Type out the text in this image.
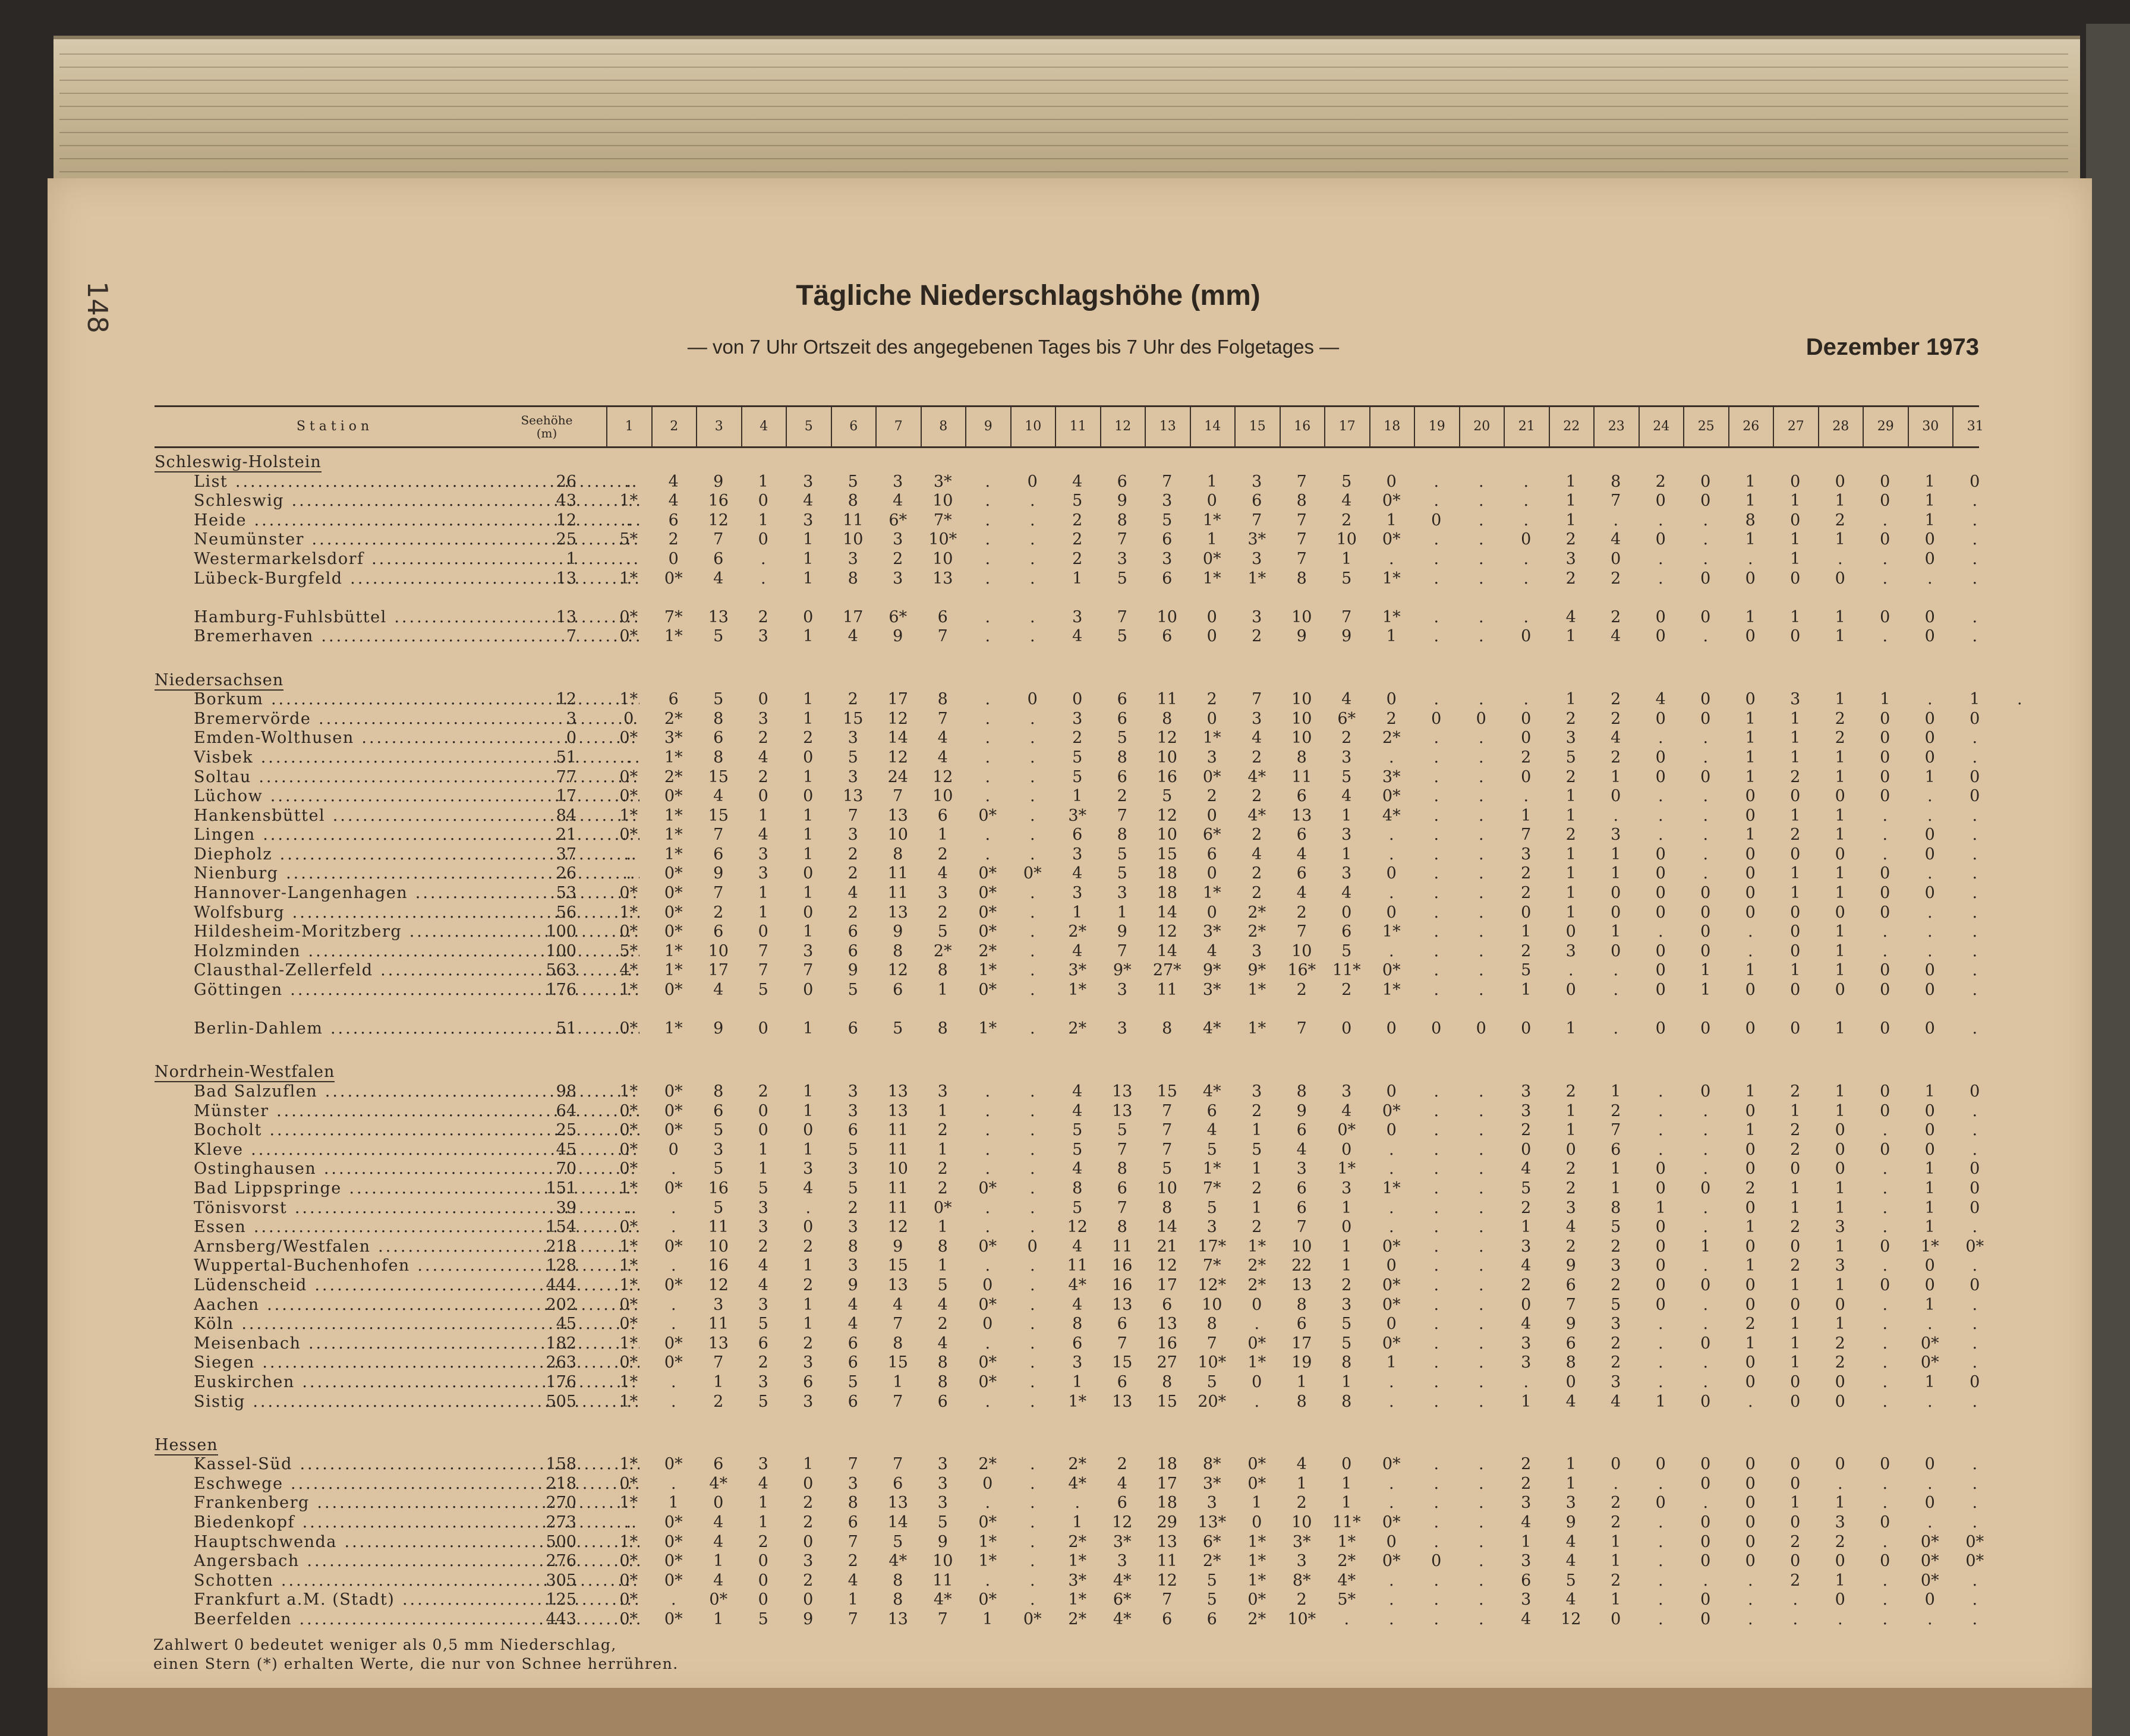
148	Tägliche Niederschlagshöhe (mm)
— von 7 Uhr Ortszeit des angegebenen Tages bis 7 Uhr des Folgetages —	Dezember 1973
S t a t i o n	Seehöhe (m)	1	2	3	4	5	6	7	8	9	10	11	12	13	14	15	16	17	18	19	20	21	22	23	24	25	26	27	28	29	30	31
Schleswig-Holstein
List .....	26	.	4	9	1	3	5	3	3*	.	0	4	6	7	1	3	7	5	0	.	.	.	1	8	2	0	1	0	0	0	1	0
Schleswig .....	43	1*	4	16	0	4	8	4	10	.	.	5	9	3	0	6	8	4	0*	.	.	.	1	7	0	0	1	1	1	0	1	.
Heide .....	12	.	6	12	1	3	11	6*	7*	.	.	2	8	5	1*	7	7	2	1	0	.	.	1	.	.	.	8	0	2	.	1	.
Neumünster .....	25	5*	2	7	0	1	10	3	10*	.	.	2	7	6	1	3*	7	10	0*	.	.	0	2	4	0	.	1	1	1	0	0	.
Westermarkelsdorf .....	1	.	0	6	.	1	3	2	10	.	.	2	3	3	0*	3	7	1	.	.	.	.	3	0	.	.	.	1	.	.	0	.
Lübeck-Burgfeld .....	13	1*	0*	4	.	1	8	3	13	.	.	1	5	6	1*	1*	8	5	1*	.	.	.	2	2	.	0	0	0	0	.	.	.
Hamburg-Fuhlsbüttel .....	13	0*	7*	13	2	0	17	6*	6	.	.	3	7	10	0	3	10	7	1*	.	.	.	4	2	0	0	1	1	1	0	0	.
Bremerhaven .....	7	0*	1*	5	3	1	4	9	7	.	.	4	5	6	0	2	9	9	1	.	.	0	1	4	0	.	0	0	1	.	0	.
Niedersachsen
Borkum .....	12	1*	6	5	0	1	2	17	8	.	0	0	6	11	2	7	10	4	0	.	.	.	1	2	4	0	0	3	1	1	.	1	.
Bremervörde .....	3	0	2*	8	3	1	15	12	7	.	.	3	6	8	0	3	10	6*	2	0	0	0	2	2	0	0	1	1	2	0	0	0
Emden-Wolthusen .....	0	0*	3*	6	2	2	3	14	4	.	.	2	5	12	1*	4	10	2	2*	.	.	0	3	4	.	.	1	1	2	0	0	.
Visbek .....	51	.	1*	8	4	0	5	12	4	.	.	5	8	10	3	2	8	3	.	.	.	2	5	2	0	.	1	1	1	0	0	.
Soltau .....	77	0*	2*	15	2	1	3	24	12	.	.	5	6	16	0*	4*	11	5	3*	.	.	0	2	1	0	0	1	2	1	0	1	0
Lüchow .....	17	0*	0*	4	0	0	13	7	10	.	.	1	2	5	2	2	6	4	0*	.	.	.	1	0	.	.	0	0	0	0	.	0
Hankensbüttel .....	84	1*	1*	15	1	1	7	13	6	0*	.	3*	7	12	0	4*	13	1	4*	.	.	1	1	.	.	.	0	1	1	.	.	.
Lingen .....	21	0*	1*	7	4	1	3	10	1	.	.	6	8	10	6*	2	6	3	.	.	.	7	2	3	.	.	1	2	1	.	0	.
Diepholz .....	37	.	1*	6	3	1	2	8	2	.	.	3	5	15	6	4	4	1	.	.	.	3	1	1	0	.	0	0	0	.	0	.
Nienburg .....	26	.	0*	9	3	0	2	11	4	0*	0*	4	5	18	0	2	6	3	0	.	.	2	1	1	0	.	0	1	1	0	.	.
Hannover-Langenhagen .....	53	0*	0*	7	1	1	4	11	3	0*	.	3	3	18	1*	2	4	4	.	.	.	2	1	0	0	0	0	1	1	0	0	.
Wolfsburg .....	56	1*	0*	2	1	0	2	13	2	0*	.	1	1	14	0	2*	2	0	0	.	.	0	1	0	0	0	0	0	0	0	.	.
Hildesheim-Moritzberg .....	100	0*	0*	6	0	1	6	9	5	0*	.	2*	9	12	3*	2*	7	6	1*	.	.	1	0	1	.	0	.	0	1	.	.	.
Holzminden .....	100	5*	1*	10	7	3	6	8	2*	2*	.	4	7	14	4	3	10	5	.	.	.	2	3	0	0	0	.	0	1	.	.	.
Clausthal-Zellerfeld .....	563	4*	1*	17	7	7	9	12	8	1*	.	3*	9*	27*	9*	9*	16*	11*	0*	.	.	5	.	.	0	1	1	1	1	0	0	.
Göttingen .....	176	1*	0*	4	5	0	5	6	1	0*	.	1*	3	11	3*	1*	2	2	1*	.	.	1	0	.	0	1	0	0	0	0	0	.
Berlin-Dahlem .....	51	0*	1*	9	0	1	6	5	8	1*	.	2*	3	8	4*	1*	7	0	0	0	0	0	1	.	0	0	0	0	1	0	0	.
Nordrhein-Westfalen
Bad Salzuflen .....	98	1*	0*	8	2	1	3	13	3	.	.	4	13	15	4*	3	8	3	0	.	.	3	2	1	.	0	1	2	1	0	1	0
Münster .....	64	0*	0*	6	0	1	3	13	1	.	.	4	13	7	6	2	9	4	0*	.	.	3	1	2	.	.	0	1	1	0	0	.
Bocholt .....	25	0*	0*	5	0	0	6	11	2	.	.	5	5	7	4	1	6	0*	0	.	.	2	1	7	.	.	1	2	0	.	0	.
Kleve .....	45	0*	0	3	1	1	5	11	1	.	.	5	7	7	5	5	4	0	.	.	.	0	0	6	.	.	0	2	0	0	0	.
Ostinghausen .....	70	0*	.	5	1	3	3	10	2	.	.	4	8	5	1*	1	3	1*	.	.	.	4	2	1	0	.	0	0	0	.	1	0
Bad Lippspringe .....	151	1*	0*	16	5	4	5	11	2	0*	.	8	6	10	7*	2	6	3	1*	.	.	5	2	1	0	0	2	1	1	.	1	0
Tönisvorst .....	39	.	.	5	3	.	2	11	0*	.	.	5	7	8	5	1	6	1	.	.	.	2	3	8	1	.	0	1	1	.	1	0
Essen .....	154	0*	.	11	3	0	3	12	1	.	.	12	8	14	3	2	7	0	.	.	.	1	4	5	0	.	1	2	3	.	1	.
Arnsberg/Westfalen .....	218	1*	0*	10	2	2	8	9	8	0*	0	4	11	21	17*	1*	10	1	0*	.	.	3	2	2	0	1	0	0	1	0	1*	0*
Wuppertal-Buchenhofen .....	128	1*	.	16	4	1	3	15	1	.	.	11	16	12	7*	2*	22	1	0	.	.	4	9	3	0	.	1	2	3	.	0	.
Lüdenscheid .....	444	1*	0*	12	4	2	9	13	5	0	.	4*	16	17	12*	2*	13	2	0*	.	.	2	6	2	0	0	0	1	1	0	0	0
Aachen .....	202	0*	.	3	3	1	4	4	4	0*	.	4	13	6	10	0	8	3	0*	.	.	0	7	5	0	.	0	0	0	.	1	.
Köln .....	45	0*	.	11	5	1	4	7	2	0	.	8	6	13	8	.	6	5	0	.	.	4	9	3	.	.	2	1	1	.	.	.
Meisenbach .....	182	1*	0*	13	6	2	6	8	4	.	.	6	7	16	7	0*	17	5	0*	.	.	3	6	2	.	0	1	1	2	.	0*	.
Siegen .....	263	0*	0*	7	2	3	6	15	8	0*	.	3	15	27	10*	1*	19	8	1	.	.	3	8	2	.	.	0	1	2	.	0*	.
Euskirchen .....	176	1*	.	1	3	6	5	1	8	0*	.	1	6	8	5	0	1	1	.	.	.	.	0	3	.	.	0	0	0	.	1	0
Sistig .....	505	1*	.	2	5	3	6	7	6	.	.	1*	13	15	20*	.	8	8	.	.	.	1	4	4	1	0	.	0	0	.	.	.
Hessen
Kassel-Süd .....	158	1*	0*	6	3	1	7	7	3	2*	.	2*	2	18	8*	0*	4	0	0*	.	.	2	1	0	0	0	0	0	0	0	0	.
Eschwege .....	218	0*	.	4*	4	0	3	6	3	0	.	4*	4	17	3*	0*	1	1	.	.	.	2	1	.	.	0	0	0	.	.	.	.
Frankenberg .....	270	1*	1	0	1	2	8	13	3	.	.	.	6	18	3	1	2	1	.	.	.	3	3	2	0	.	0	1	1	.	0	.
Biedenkopf .....	273	.	0*	4	1	2	6	14	5	0*	.	1	12	29	13*	0	10	11*	0*	.	.	4	9	2	.	0	0	0	3	0	.	.
Hauptschwenda .....	500	1*	0*	4	2	0	7	5	9	1*	.	2*	3*	13	6*	1*	3*	1*	0	.	.	1	4	1	.	0	0	2	2	.	0*	0*
Angersbach .....	276	0*	0*	1	0	3	2	4*	10	1*	.	1*	3	11	2*	1*	3	2*	0*	0	.	3	4	1	.	0	0	0	0	0	0*	0*
Schotten .....	305	0*	0*	4	0	2	4	8	11	.	.	3*	4*	12	5	1*	8*	4*	.	.	.	6	5	2	.	.	.	2	1	.	0*	.
Frankfurt a.M. (Stadt) .....	125	0*	.	0*	0	0	1	8	4*	0*	.	1*	6*	7	5	0*	2	5*	.	.	.	3	4	1	.	0	.	.	0	.	0	.
Beerfelden .....	443	0*	0*	1	5	9	7	13	7	1	0*	2*	4*	6	6	2*	10*	.	.	.	.	4	12	0	.	0	.	.	.	.	.	.
Zahlwert 0 bedeutet weniger als 0,5 mm Niederschlag,
einen Stern (*) erhalten Werte, die nur von Schnee herrühren.
